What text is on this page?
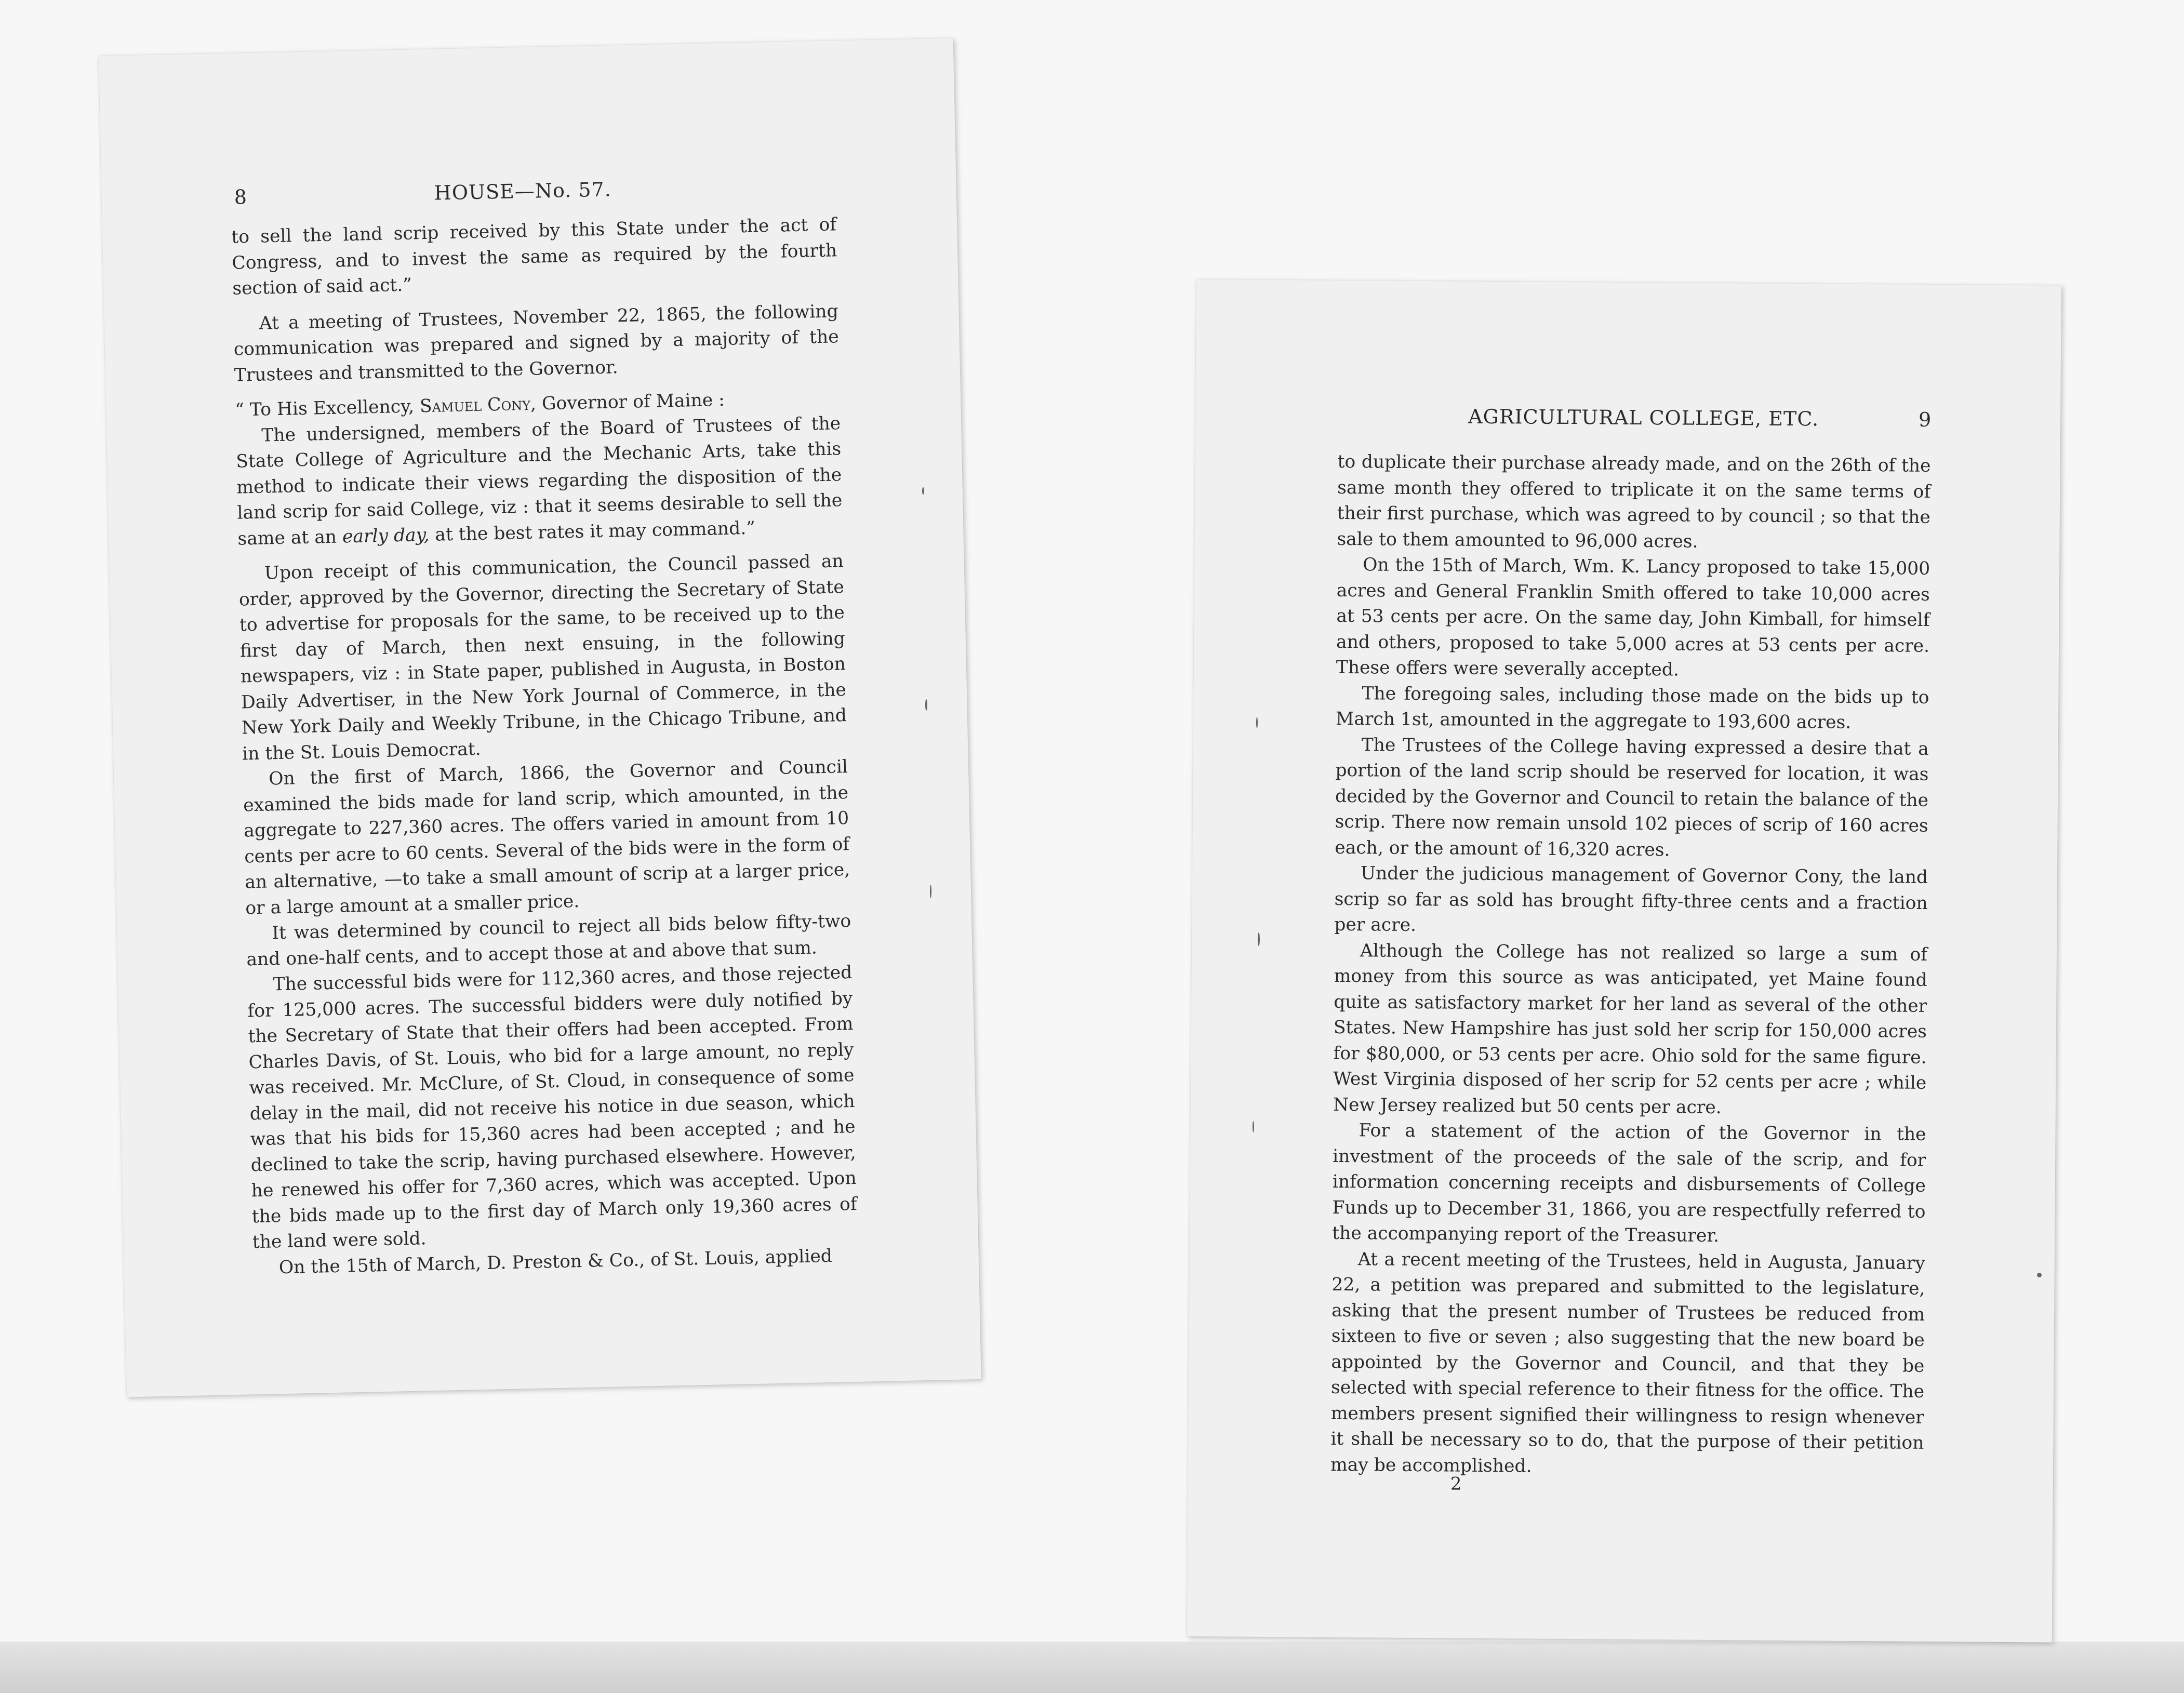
8	HOUSE—No. 57.

to sell the land scrip received by this State under the act of Congress, and to invest the same as required by the fourth section of said act.”

At a meeting of Trustees, November 22, 1865, the following communication was prepared and signed by a majority of the Trustees and transmitted to the Governor.

“ To His Excellency, Samuel Cony, Governor of Maine :

The undersigned, members of the Board of Trustees of the State College of Agriculture and the Mechanic Arts, take this method to indicate their views regarding the disposition of the land scrip for said College, viz : that it seems desirable to sell the same at an early day, at the best rates it may command.”

Upon receipt of this communication, the Council passed an order, approved by the Governor, directing the Secretary of State to advertise for proposals for the same, to be received up to the first day of March, then next ensuing, in the following newspapers, viz : in State paper, published in Augusta, in Boston Daily Advertiser, in the New York Journal of Commerce, in the New York Daily and Weekly Tribune, in the Chicago Tribune, and in the St. Louis Democrat.

On the first of March, 1866, the Governor and Council examined the bids made for land scrip, which amounted, in the aggregate to 227,360 acres. The offers varied in amount from 10 cents per acre to 60 cents. Several of the bids were in the form of an alternative, —to take a small amount of scrip at a larger price, or a large amount at a smaller price.

It was determined by council to reject all bids below fifty-two and one-half cents, and to accept those at and above that sum.

The successful bids were for 112,360 acres, and those rejected for 125,000 acres. The successful bidders were duly notified by the Secretary of State that their offers had been accepted. From Charles Davis, of St. Louis, who bid for a large amount, no reply was received. Mr. McClure, of St. Cloud, in consequence of some delay in the mail, did not receive his notice in due season, which was that his bids for 15,360 acres had been accepted ; and he declined to take the scrip, having purchased elsewhere. However, he renewed his offer for 7,360 acres, which was accepted. Upon the bids made up to the first day of March only 19,360 acres of the land were sold.

On the 15th of March, D. Preston & Co., of St. Louis, applied

AGRICULTURAL COLLEGE, ETC.	9

to duplicate their purchase already made, and on the 26th of the same month they offered to triplicate it on the same terms of their first purchase, which was agreed to by council ; so that the sale to them amounted to 96,000 acres.

On the 15th of March, Wm. K. Lancy proposed to take 15,000 acres and General Franklin Smith offered to take 10,000 acres at 53 cents per acre. On the same day, John Kimball, for himself and others, proposed to take 5,000 acres at 53 cents per acre. These offers were severally accepted.

The foregoing sales, including those made on the bids up to March 1st, amounted in the aggregate to 193,600 acres.

The Trustees of the College having expressed a desire that a portion of the land scrip should be reserved for location, it was decided by the Governor and Council to retain the balance of the scrip. There now remain unsold 102 pieces of scrip of 160 acres each, or the amount of 16,320 acres.

Under the judicious management of Governor Cony, the land scrip so far as sold has brought fifty-three cents and a fraction per acre.

Although the College has not realized so large a sum of money from this source as was anticipated, yet Maine found quite as satisfactory market for her land as several of the other States. New Hampshire has just sold her scrip for 150,000 acres for $80,000, or 53 cents per acre. Ohio sold for the same figure. West Virginia disposed of her scrip for 52 cents per acre ; while New Jersey realized but 50 cents per acre.

For a statement of the action of the Governor in the investment of the proceeds of the sale of the scrip, and for information concerning receipts and disbursements of College Funds up to December 31, 1866, you are respectfully referred to the accompanying report of the Treasurer.

At a recent meeting of the Trustees, held in Augusta, January 22, a petition was prepared and submitted to the legislature, asking that the present number of Trustees be reduced from sixteen to five or seven ; also suggesting that the new board be appointed by the Governor and Council, and that they be selected with special reference to their fitness for the office. The members present signified their willingness to resign whenever it shall be necessary so to do, that the purpose of their petition may be accomplished.

2
